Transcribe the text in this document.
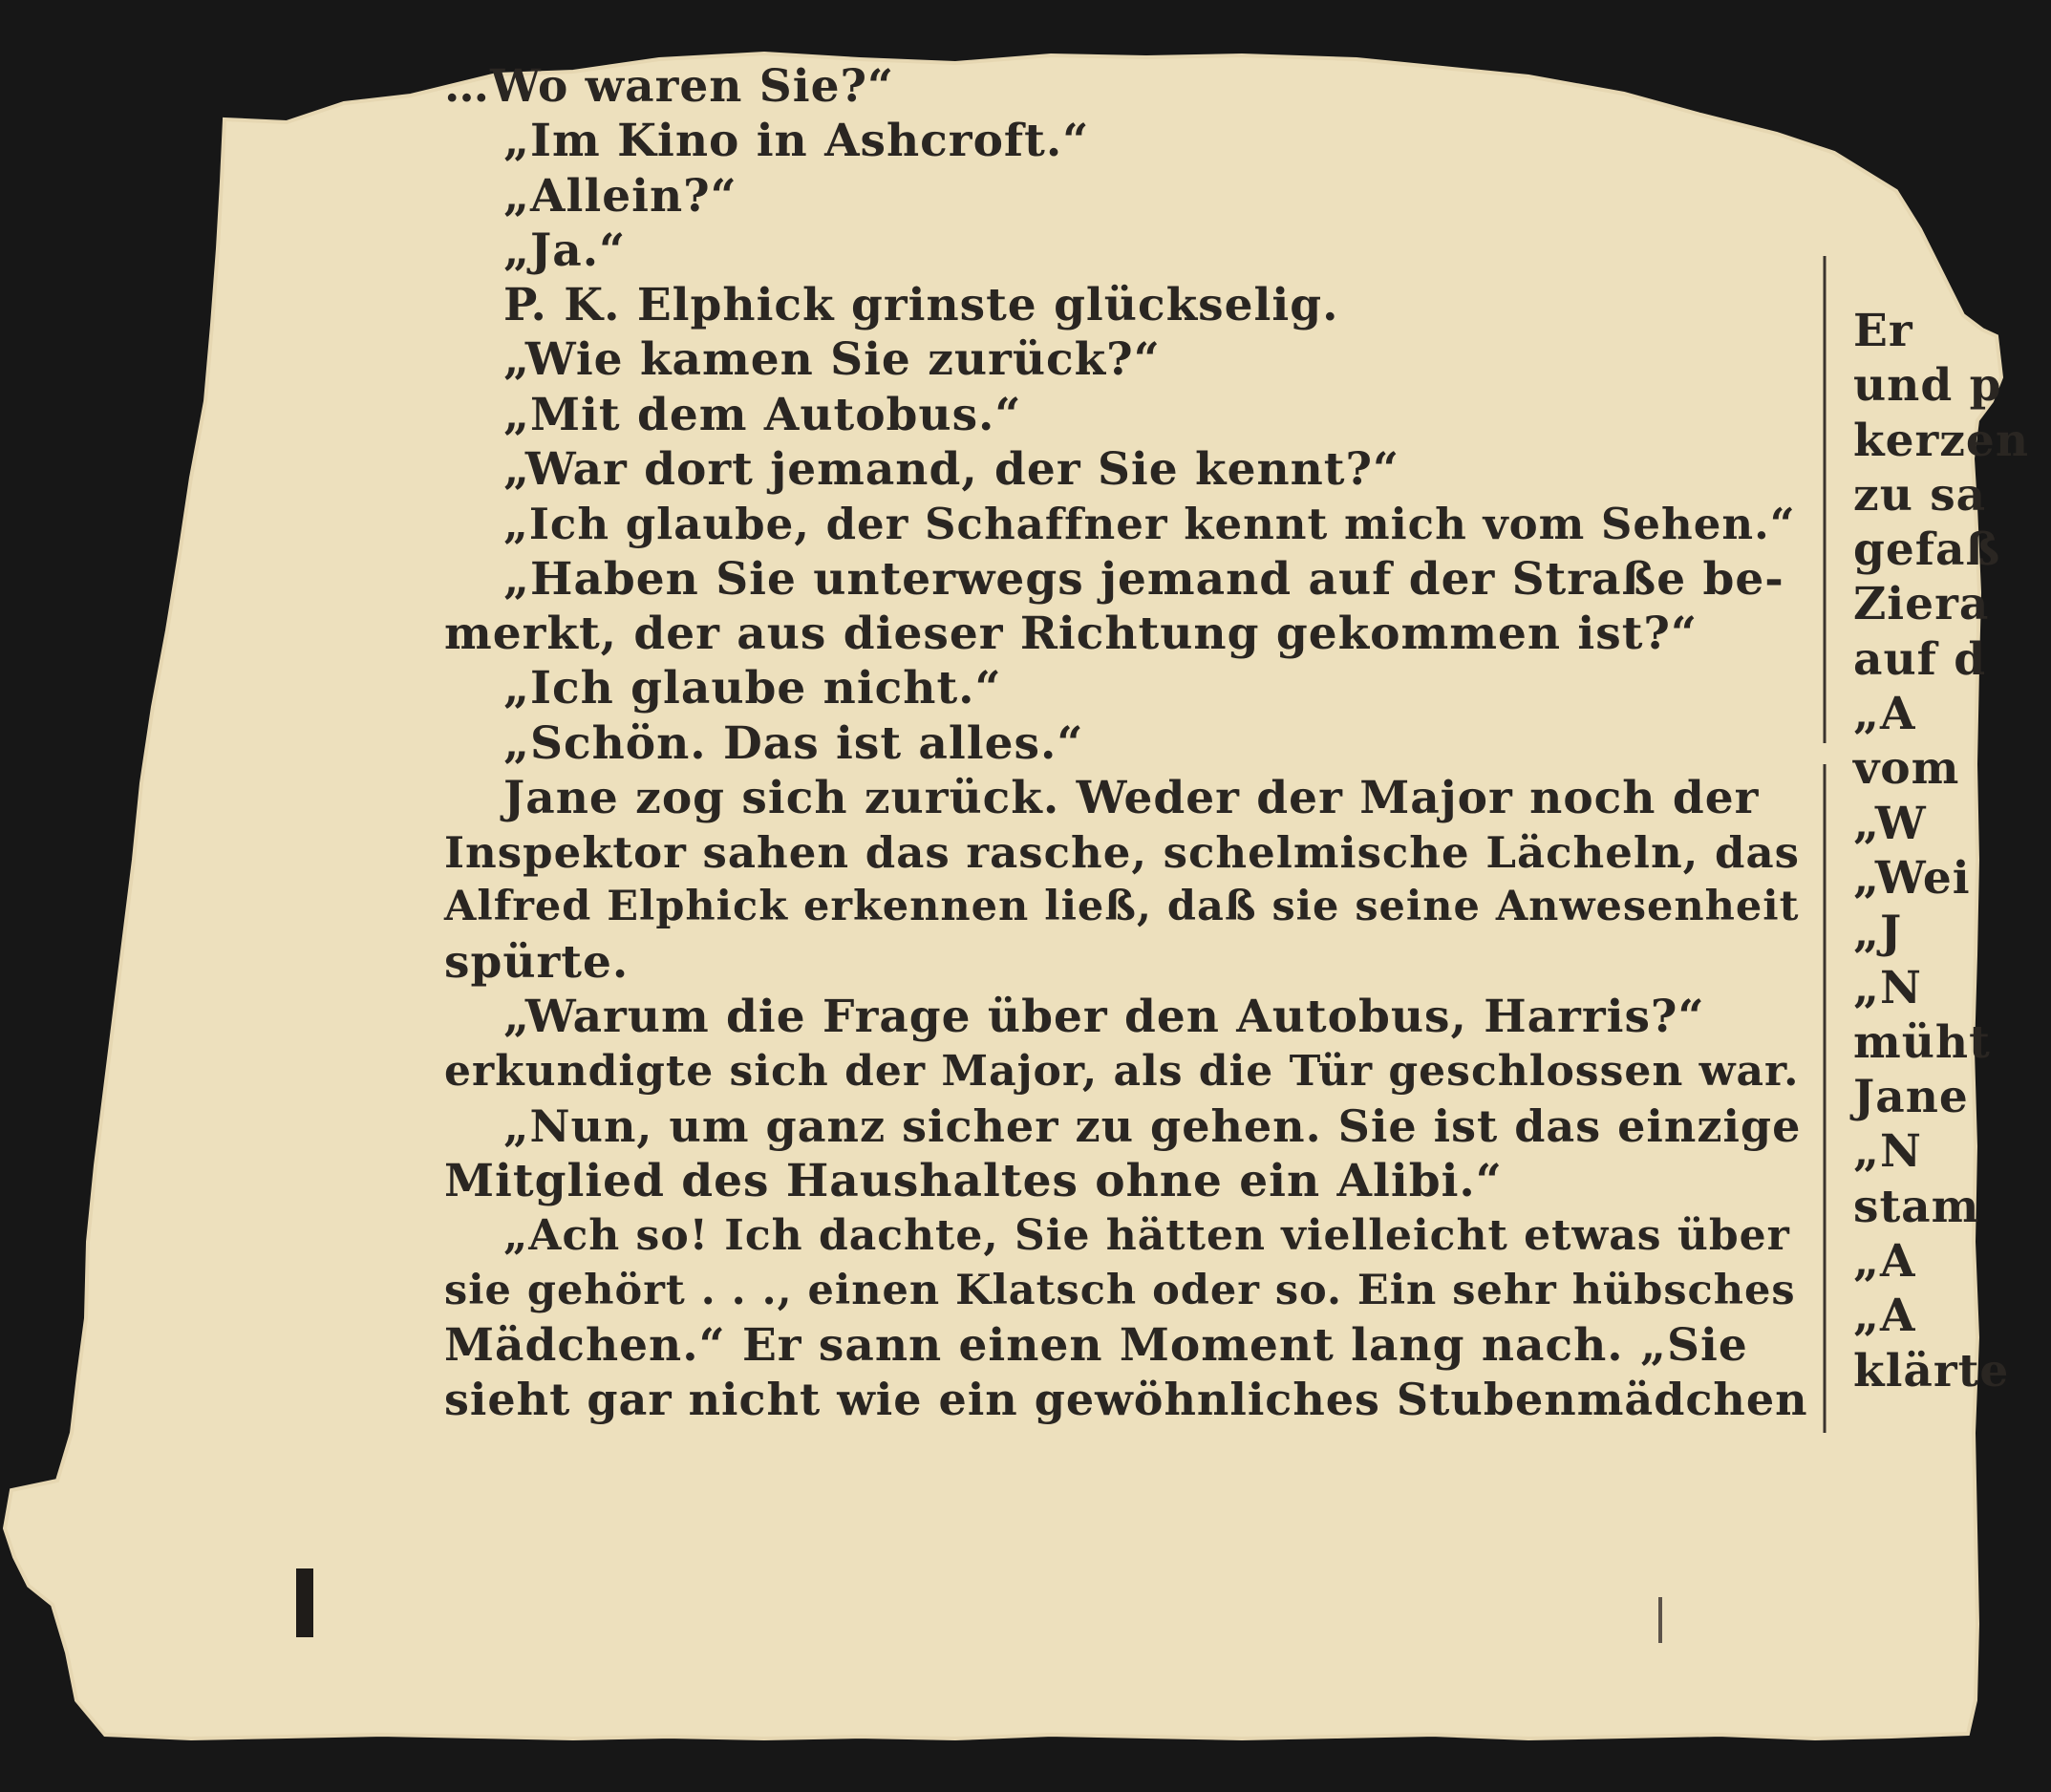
…Wo waren Sie?“
„Im Kino in Ashcroft.“
„Allein?“
„Ja.“
P. K. Elphick grinste glückselig.
„Wie kamen Sie zurück?“
„Mit dem Autobus.“
„War dort jemand, der Sie kennt?“
„Ich glaube, der Schaffner kennt mich vom Sehen.“
„Haben Sie unterwegs jemand auf der Straße be-
merkt, der aus dieser Richtung gekommen ist?“
„Ich glaube nicht.“
„Schön. Das ist alles.“
Jane zog sich zurück. Weder der Major noch der
Inspektor sahen das rasche, schelmische Lächeln, das
Alfred Elphick erkennen ließ, daß sie seine Anwesenheit
spürte.
„Warum die Frage über den Autobus, Harris?“
erkundigte sich der Major, als die Tür geschlossen war.
„Nun, um ganz sicher zu gehen. Sie ist das einzige
Mitglied des Haushaltes ohne ein Alibi.“
„Ach so! Ich dachte, Sie hätten vielleicht etwas über
sie gehört . . ., einen Klatsch oder so. Ein sehr hübsches
Mädchen.“ Er sann einen Moment lang nach. „Sie
sieht gar nicht wie ein gewöhnliches Stubenmädchen
Er
und p
kerzen
zu sa
gefaß
Ziera
auf d
„A
vom
„W
„Wei
„J
„N
müht
Jane
„N
stam
„A
„A
klärte
